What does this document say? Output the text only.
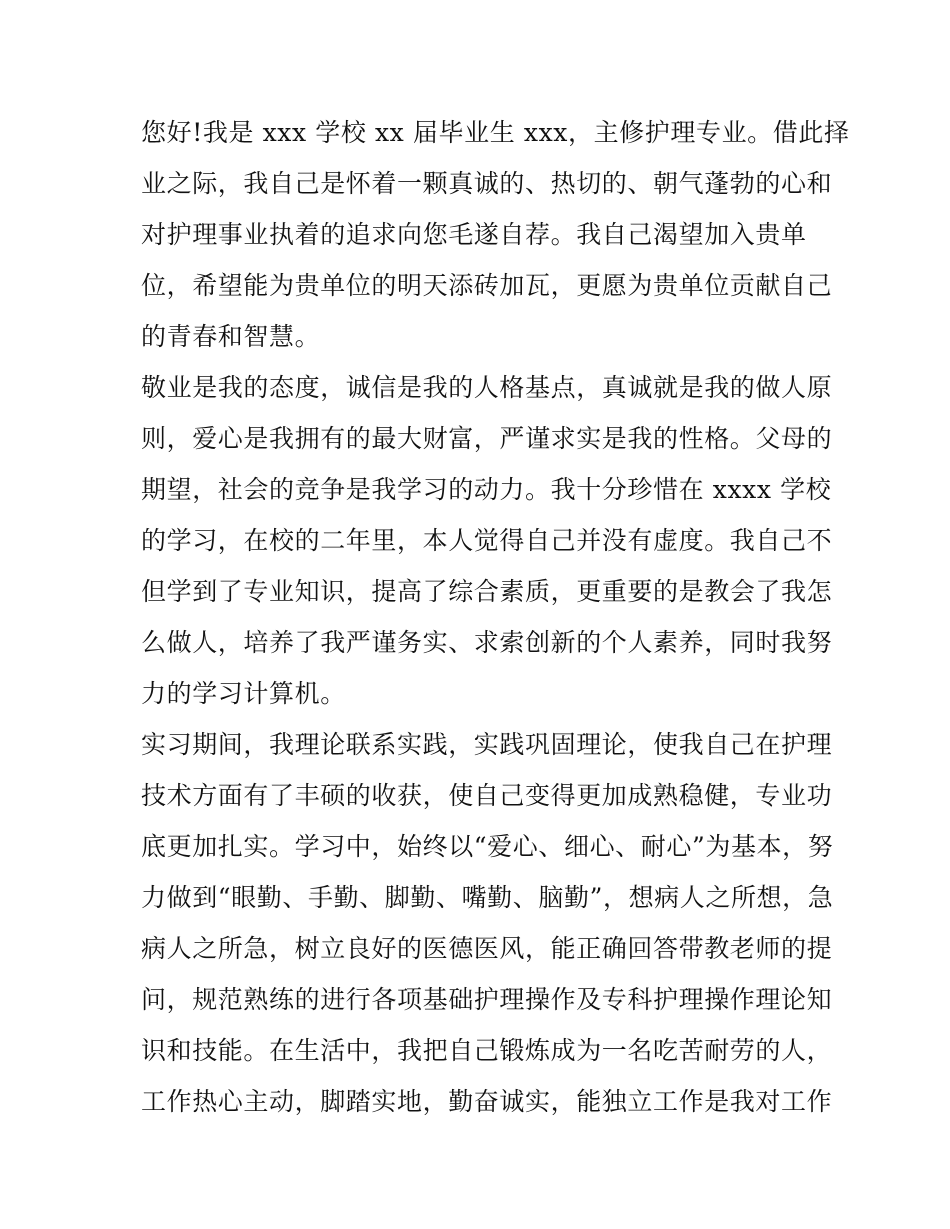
您好!我是 xxx 学校 xx 届毕业生 xxx，主修护理专业。借此择
业之际，我自己是怀着一颗真诚的、热切的、朝气蓬勃的心和
对护理事业执着的追求向您毛遂自荐。我自己渴望加入贵单
位，希望能为贵单位的明天添砖加瓦，更愿为贵单位贡献自己
的青春和智慧。
敬业是我的态度，诚信是我的人格基点，真诚就是我的做人原
则，爱心是我拥有的最大财富，严谨求实是我的性格。父母的
期望，社会的竞争是我学习的动力。我十分珍惜在 xxxx 学校
的学习，在校的二年里，本人觉得自己并没有虚度。我自己不
但学到了专业知识，提高了综合素质，更重要的是教会了我怎
么做人，培养了我严谨务实、求索创新的个人素养，同时我努
力的学习计算机。
实习期间，我理论联系实践，实践巩固理论，使我自己在护理
技术方面有了丰硕的收获，使自己变得更加成熟稳健，专业功
底更加扎实。学习中，始终以“爱心、细心、耐心”为基本，努
力做到“眼勤、手勤、脚勤、嘴勤、脑勤”，想病人之所想，急
病人之所急，树立良好的医德医风，能正确回答带教老师的提
问，规范熟练的进行各项基础护理操作及专科护理操作理论知
识和技能。在生活中，我把自己锻炼成为一名吃苦耐劳的人，
工作热心主动，脚踏实地，勤奋诚实，能独立工作是我对工作
